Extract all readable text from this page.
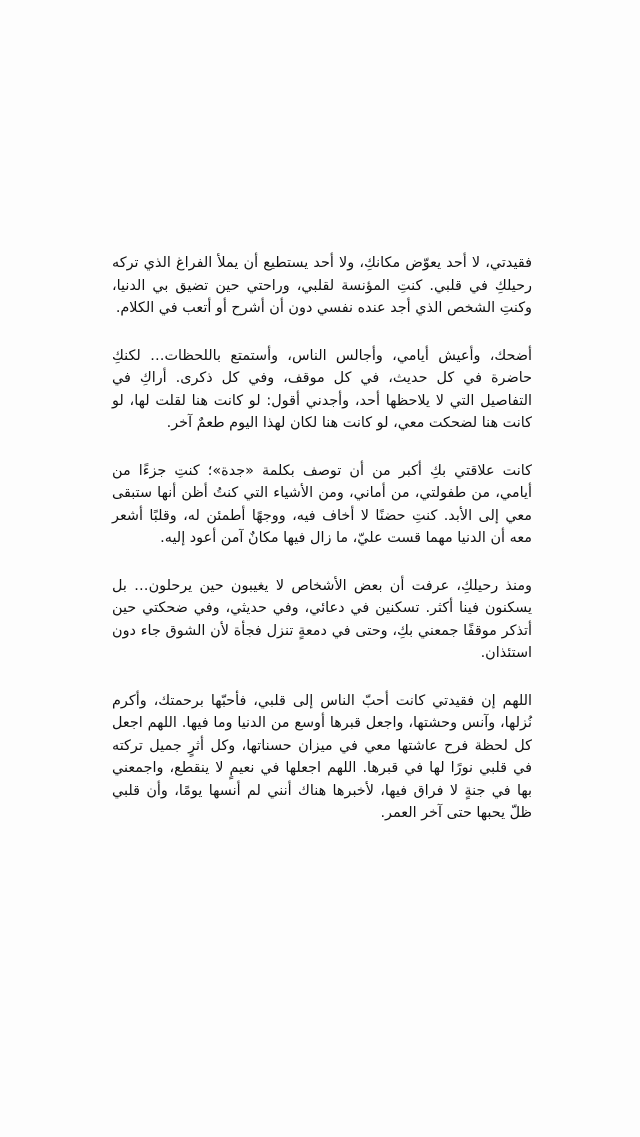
فقيدتي، لا أحد يعوّض مكانكِ، ولا أحد يستطيع أن يملأ الفراغ الذي تركه رحيلكِ في قلبي. كنتِ المؤنسة لقلبي، وراحتي حين تضيق بي الدنيا، وكنتِ الشخص الذي أجد عنده نفسي دون أن أشرح أو أتعب في الكلام.

أضحك، وأعيش أيامي، وأجالس الناس، وأستمتع باللحظات… لكنكِ حاضرة في كل حديث، في كل موقف، وفي كل ذكرى. أراكِ في التفاصيل التي لا يلاحظها أحد، وأجدني أقول: لو كانت هنا لقلت لها، لو كانت هنا لضحكت معي، لو كانت هنا لكان لهذا اليوم طعمٌ آخر.

كانت علاقتي بكِ أكبر من أن توصف بكلمة «جدة»؛ كنتِ جزءًا من أيامي، من طفولتي، من أماني، ومن الأشياء التي كنتُ أظن أنها ستبقى معي إلى الأبد. كنتِ حضنًا لا أخاف فيه، ووجهًا أطمئن له، وقلبًا أشعر معه أن الدنيا مهما قست عليّ، ما زال فيها مكانٌ آمن أعود إليه.

ومنذ رحيلكِ، عرفت أن بعض الأشخاص لا يغيبون حين يرحلون… بل يسكنون فينا أكثر. تسكنين في دعائي، وفي حديثي، وفي ضحكتي حين أتذكر موقفًا جمعني بكِ، وحتى في دمعةٍ تنزل فجأة لأن الشوق جاء دون استئذان.

اللهم إن فقيدتي كانت أحبّ الناس إلى قلبي، فأحبّها برحمتك، وأكرم نُزلها، وآنس وحشتها، واجعل قبرها أوسع من الدنيا وما فيها. اللهم اجعل كل لحظة فرح عاشتها معي في ميزان حسناتها، وكل أثرٍ جميل تركته في قلبي نورًا لها في قبرها. اللهم اجعلها في نعيمٍ لا ينقطع، واجمعني بها في جنةٍ لا فراق فيها، لأخبرها هناك أنني لم أنسها يومًا، وأن قلبي ظلّ يحبها حتى آخر العمر.
